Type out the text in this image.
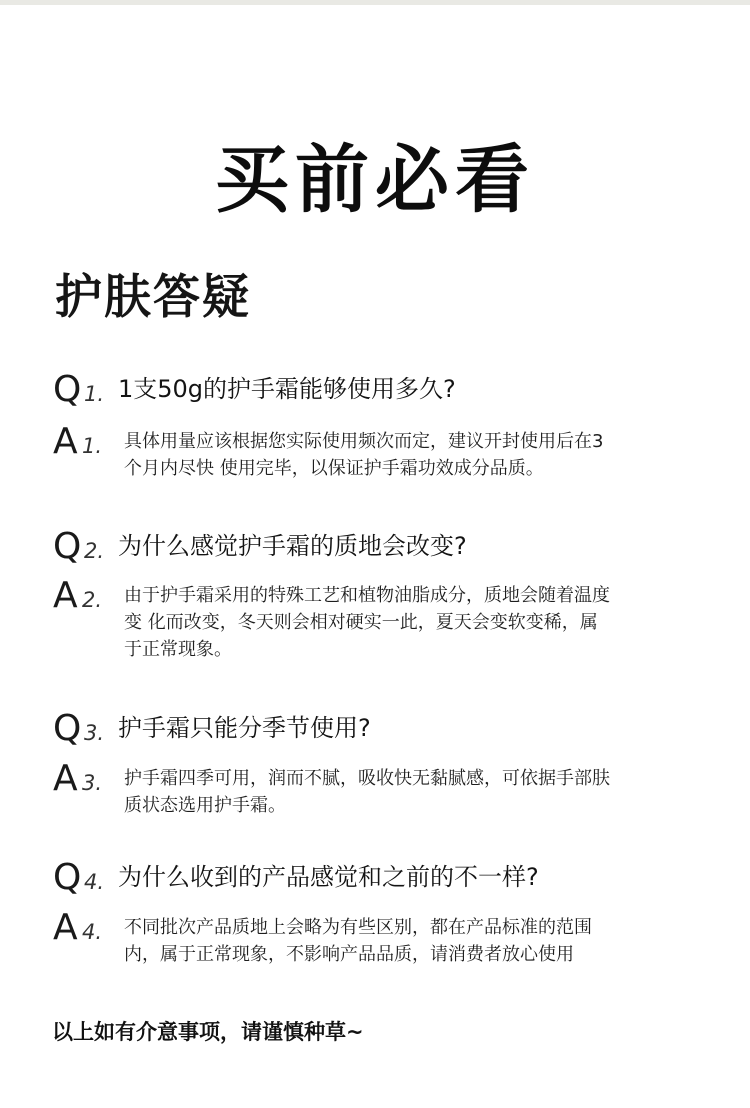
买前必看
护肤答疑
Q 1. 1支50g的护手霜能够使用多久?
A 1. 具体用量应该根据您实际使用频次而定，建议开封使用后在3
个月内尽快 使用完毕，以保证护手霜功效成分品质。
Q 2. 为什么感觉护手霜的质地会改变?
A 2. 由于护手霜采用的特殊工艺和植物油脂成分，质地会随着温度
变 化而改变，冬天则会相对硬实一此，夏天会变软变稀，属
于正常现象。
Q 3. 护手霜只能分季节使用?
A 3. 护手霜四季可用，润而不腻，吸收快无黏腻感，可依据手部肤
质状态选用护手霜。
Q 4. 为什么收到的产品感觉和之前的不一样?
A 4. 不同批次产品质地上会略为有些区别，都在产品标准的范围
内，属于正常现象，不影响产品品质，请消费者放心使用
以上如有介意事项，请谨慎种草~
